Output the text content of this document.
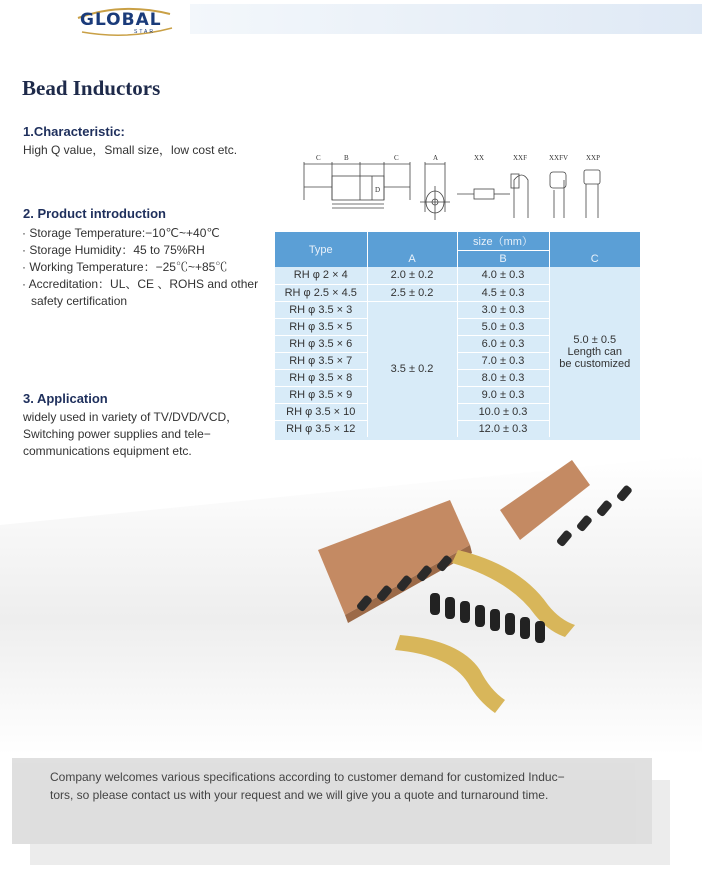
GLOBAL
STAR
Bead Inductors
1.Characteristic:
High Q value，Small size，low cost etc.
2. Product introduction
· Storage Temperature:−10℃~+40℃
· Storage Humidity：45 to 75%RH
· Working Temperature：−25℃~+85℃
· Accreditation：UL、CE 、ROHS and other safety certification
3. Application
widely used in variety of TV/DVD/VCD，
Switching power supplies and tele−
communications equipment etc.
C	B	C	A
D
XX	XXF	XXFV	XXP
Type		size（mm）	
	A	B	C
RH φ 2 × 4	2.0 ± 0.2	4.0 ± 0.3	5.0 ± 0.5
Length can
be customized

RH φ 2.5 × 4.5	2.5 ± 0.2	4.5 ± 0.3	
RH φ 3.5 × 3	3.5 ± 0.2	3.0 ± 0.3	
RH φ 3.5 × 5		5.0 ± 0.3	
RH φ 3.5 × 6		6.0 ± 0.3	
RH φ 3.5 × 7		7.0 ± 0.3	
RH φ 3.5 × 8		8.0 ± 0.3	
RH φ 3.5 × 9		9.0 ± 0.3	
RH φ 3.5 × 10		10.0 ± 0.3	
RH φ 3.5 × 12		12.0 ± 0.3	

Company welcomes various specifications according to customer demand for customized Induc−
tors, so please contact us with your request and we will give you a quote and turnaround time.
